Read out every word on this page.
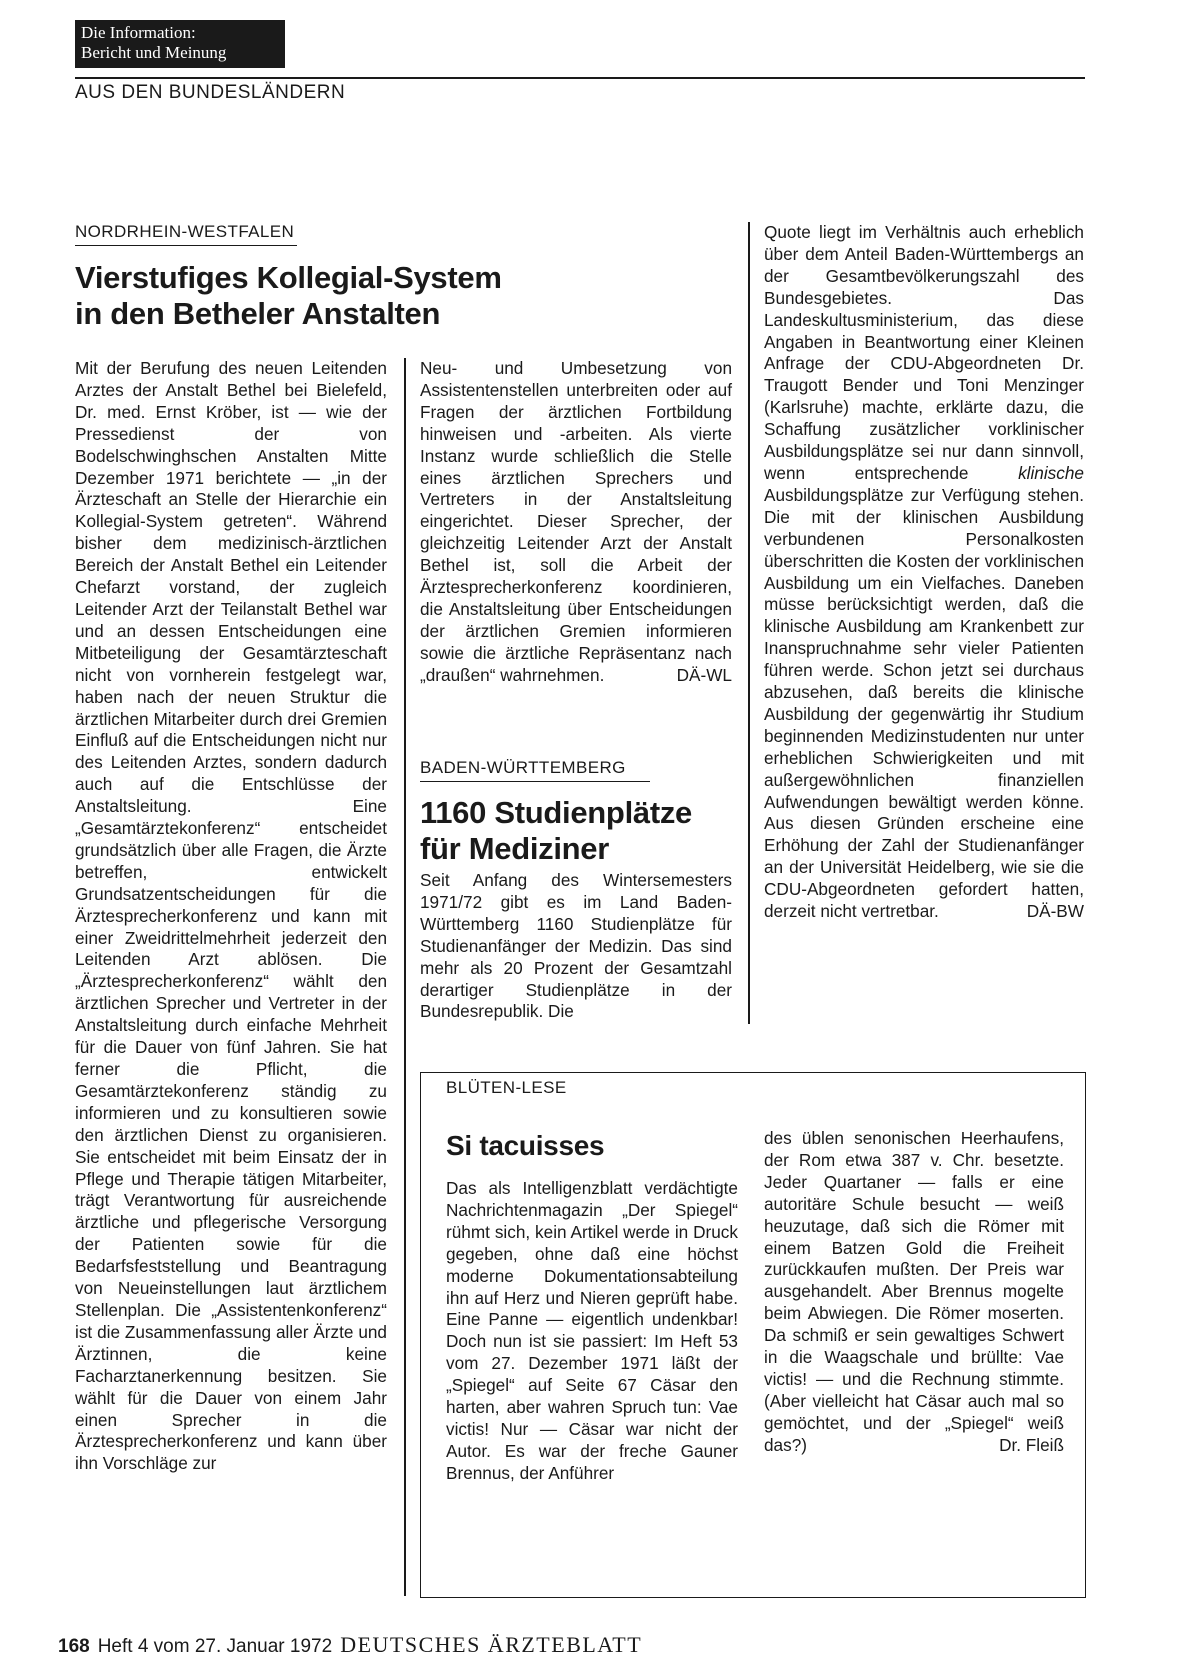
Die Information:
Bericht und Meinung
AUS DEN BUNDESLÄNDERN
NORDRHEIN-WESTFALEN
Vierstufiges Kollegial-System
in den Betheler Anstalten
Mit der Berufung des neuen Leitenden Arztes der Anstalt Bethel bei Bielefeld, Dr. med. Ernst Kröber, ist — wie der Pressedienst der von Bodelschwinghschen Anstalten Mitte Dezember 1971 berichtete — „in der Ärzteschaft an Stelle der Hierarchie ein Kollegial-System getreten“. Während bisher dem medizinisch-ärztlichen Bereich der Anstalt Bethel ein Leitender Chefarzt vorstand, der zugleich Leitender Arzt der Teilanstalt Bethel war und an dessen Entscheidungen eine Mitbeteiligung der Gesamtärzteschaft nicht von vornherein festgelegt war, haben nach der neuen Struktur die ärztlichen Mitarbeiter durch drei Gremien Einfluß auf die Entscheidungen nicht nur des Leitenden Arztes, sondern dadurch auch auf die Entschlüsse der Anstaltsleitung. Eine „Gesamtärztekonferenz“ entscheidet grundsätzlich über alle Fragen, die Ärzte betreffen, entwickelt Grundsatzentscheidungen für die Ärztesprecherkonferenz und kann mit einer Zweidrittelmehrheit jederzeit den Leitenden Arzt ablösen. Die „Ärztesprecherkonferenz“ wählt den ärztlichen Sprecher und Vertreter in der Anstaltsleitung durch einfache Mehrheit für die Dauer von fünf Jahren. Sie hat ferner die Pflicht, die Gesamtärztekonferenz ständig zu informieren und zu konsultieren sowie den ärztlichen Dienst zu organisieren. Sie entscheidet mit beim Einsatz der in Pflege und Therapie tätigen Mitarbeiter, trägt Verantwortung für ausreichende ärztliche und pflegerische Versorgung der Patienten sowie für die Bedarfsfeststellung und Beantragung von Neueinstellungen laut ärztlichem Stellenplan. Die „Assistentenkonferenz“ ist die Zusammenfassung aller Ärzte und Ärztinnen, die keine Facharztanerkennung besitzen. Sie wählt für die Dauer von einem Jahr einen Sprecher in die Ärztesprecherkonferenz und kann über ihn Vorschläge zur
Neu- und Umbesetzung von Assistentenstellen unterbreiten oder auf Fragen der ärztlichen Fortbildung hinweisen und -arbeiten. Als vierte Instanz wurde schließlich die Stelle eines ärztlichen Sprechers und Vertreters in der Anstaltsleitung eingerichtet. Dieser Sprecher, der gleichzeitig Leitender Arzt der Anstalt Bethel ist, soll die Arbeit der Ärztesprecherkonferenz koordinieren, die Anstaltsleitung über Entscheidungen der ärztlichen Gremien informieren sowie die ärztliche Repräsentanz nach „draußen“ wahrnehmen.	DÄ-WL
BADEN-WÜRTTEMBERG
1160 Studienplätze
für Mediziner
Seit Anfang des Wintersemesters 1971/72 gibt es im Land Baden-Württemberg 1160 Studienplätze für Studienanfänger der Medizin. Das sind mehr als 20 Prozent der Gesamtzahl derartiger Studienplätze in der Bundesrepublik. Die
Quote liegt im Verhältnis auch erheblich über dem Anteil Baden-Württembergs an der Gesamtbevölkerungszahl des Bundesgebietes. Das Landeskultusministerium, das diese Angaben in Beantwortung einer Kleinen Anfrage der CDU-Abgeordneten Dr. Traugott Bender und Toni Menzinger (Karlsruhe) machte, erklärte dazu, die Schaffung zusätzlicher vorklinischer Ausbildungsplätze sei nur dann sinnvoll, wenn entsprechende	klinische Ausbildungsplätze zur Verfügung stehen. Die mit der klinischen Ausbildung verbundenen Personalkosten überschritten die Kosten der vorklinischen Ausbildung um ein Vielfaches. Daneben müsse berücksichtigt werden, daß die klinische Ausbildung am Krankenbett zur Inanspruchnahme sehr vieler Patienten führen werde. Schon jetzt sei durchaus abzusehen, daß bereits die klinische Ausbildung der gegenwärtig ihr Studium beginnenden Medizinstudenten nur unter erheblichen Schwierigkeiten und mit außergewöhnlichen finanziellen Aufwendungen bewältigt werden könne. Aus diesen Gründen erscheine eine Erhöhung der Zahl der Studienanfänger an der Universität Heidelberg, wie sie die CDU-Abgeordneten gefordert hatten, derzeit nicht vertretbar.	DÄ-BW
BLÜTEN-LESE
Si tacuisses
Das als Intelligenzblatt verdächtigte Nachrichtenmagazin „Der Spiegel“ rühmt sich, kein Artikel werde in Druck gegeben, ohne daß eine höchst moderne Dokumentationsabteilung ihn auf Herz und Nieren geprüft habe. Eine Panne — eigentlich undenkbar! Doch nun ist sie passiert: Im Heft 53 vom 27. Dezember 1971 läßt der „Spiegel“ auf Seite 67 Cäsar den harten, aber wahren Spruch tun: Vae victis! Nur — Cäsar war nicht der Autor. Es war der freche Gauner Brennus, der Anführer
des üblen senonischen Heerhaufens, der Rom etwa 387 v. Chr. besetzte. Jeder Quartaner — falls er eine autoritäre Schule besucht — weiß heuzutage, daß sich die Römer mit einem Batzen Gold die Freiheit zurückkaufen mußten. Der Preis war ausgehandelt. Aber Brennus mogelte beim Abwiegen. Die Römer moserten. Da schmiß er sein gewaltiges Schwert in die Waagschale und brüllte: Vae victis! — und die Rechnung stimmte. (Aber vielleicht hat Cäsar auch mal so gemöchtet, und der „Spiegel“ weiß das?)	Dr. Fleiß
168 Heft 4 vom 27. Januar 1972 DEUTSCHES ÄRZTEBLATT
